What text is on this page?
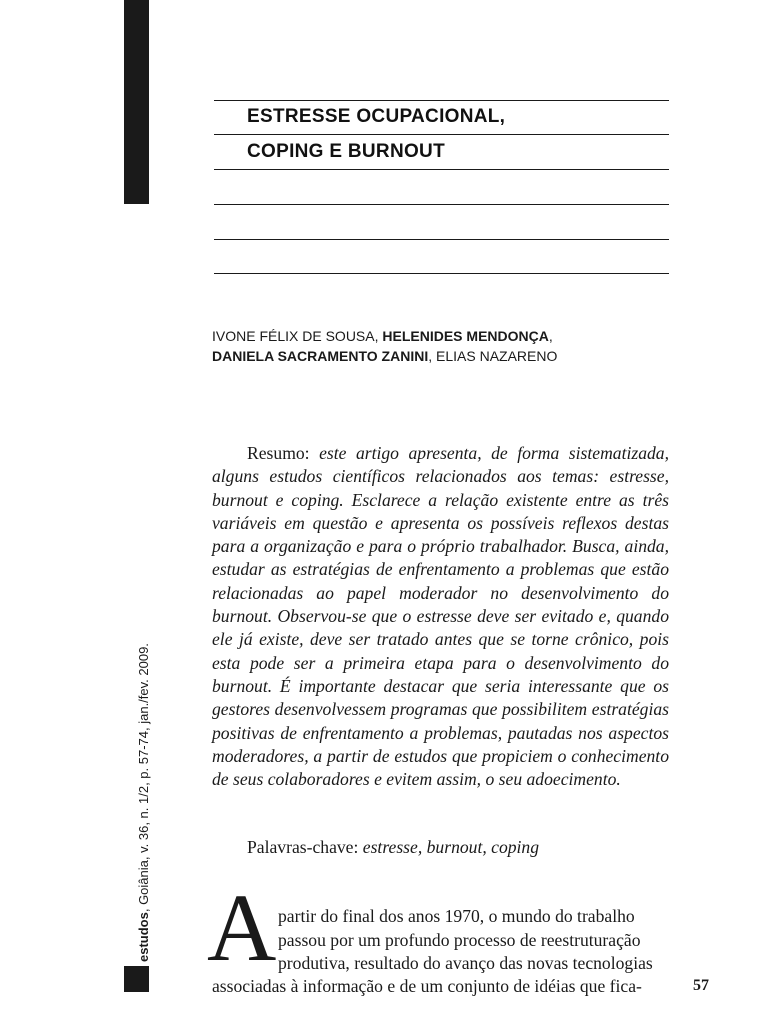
estudos, Goiânia, v. 36, n. 1/2, p. 57-74, jan./fev. 2009.
ESTRESSE OCUPACIONAL,
COPING E BURNOUT
IVONE FÉLIX DE SOUSA, HELENIDES MENDONÇA,
DANIELA SACRAMENTO ZANINI, ELIAS NAZARENO

Resumo: este artigo apresenta, de forma sistematizada, alguns estudos científicos relacionados aos temas: estresse, burnout e coping. Esclarece a relação existente entre as três variáveis em questão e apresenta os possíveis reflexos destas para a organização e para o próprio trabalhador. Busca, ainda, estudar as estratégias de enfrentamento a problemas que estão relacionadas ao papel moderador no desenvolvimento do burnout. Observou-se que o estresse deve ser evitado e, quando ele já existe, deve ser tratado antes que se torne crônico, pois esta pode ser a primeira etapa para o desenvolvimento do burnout. É importante destacar que seria interessante que os gestores desenvolvessem programas que possibilitem estratégias positivas de enfrentamento a problemas, pautadas nos aspectos moderadores, a partir de estudos que propiciem o conhecimento de seus colaboradores e evitem assim, o seu adoecimento.

Palavras-chave: estresse, burnout, coping
A partir do final dos anos 1970, o mundo do trabalho
passou por um profundo processo de reestruturação
produtiva, resultado do avanço das novas tecnologias
associadas à informação e de um conjunto de idéias que fica-	57
